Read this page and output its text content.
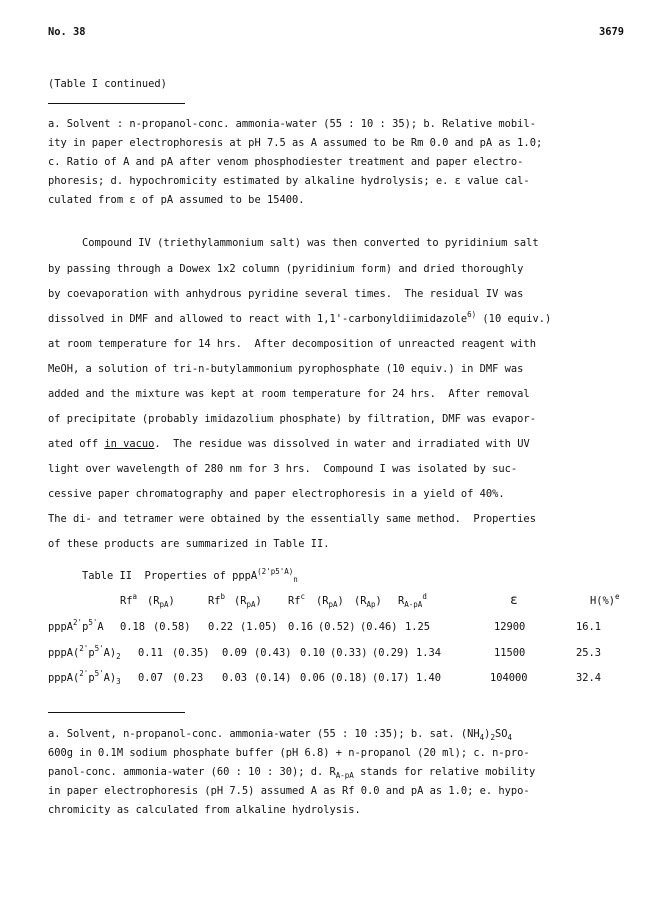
No. 38	3679
(Table I continued)
a. Solvent : n-propanol-conc. ammonia-water (55 : 10 : 35); b. Relative mobil-
ity in paper electrophoresis at pH 7.5 as A assumed to be Rm 0.0 and pA as 1.0;
c. Ratio of A and pA after venom phosphodiester treatment and paper electro-
phoresis; d. hypochromicity estimated by alkaline hydrolysis; e. ε value cal-
culated from ε of pA assumed to be 15400.
Compound IV (triethylammonium salt) was then converted to pyridinium salt
by passing through a Dowex 1x2 column (pyridinium form) and dried thoroughly
by coevaporation with anhydrous pyridine several times.  The residual IV was
dissolved in DMF and allowed to react with 1,1'-carbonyldiimidazole$^{6)}$ (10 equiv.)
at room temperature for 14 hrs.  After decomposition of unreacted reagent with
MeOH, a solution of tri-n-butylammonium pyrophosphate (10 equiv.) in DMF was
added and the mixture was kept at room temperature for 24 hrs.  After removal
of precipitate (probably imidazolium phosphate) by filtration, DMF was evapor-
ated off in vacuo.  The residue was dissolved in water and irradiated with UV
light over wavelength of 280 nm for 3 hrs.  Compound I was isolated by suc-
cessive paper chromatography and paper electrophoresis in a yield of 40%.
The di- and tetramer were obtained by the essentially same method.  Properties
of these products are summarized in Table II.
Table II  Properties of pppA$^{(2'p5'A)}_n$
Rf$^a$ $(R_{pA})$	Rf$^b$ $(R_{pA})$	Rf$^c$ $(R_{pA})$ $(R_{Ap})$ $R_{A-pA}^d$	ε	H(%)$^e$
$pppA^{2'}p^{5'}A$ 0.18 (0.58) 0.22 (1.05) 0.16 (0.52) (0.46) 1.25	12900	16.1
$pppA(^{2'}p^{5'}A)_2$ 0.11 (0.35) 0.09 (0.43) 0.10 (0.33) (0.29) 1.34	11500	25.3
$pppA(^{2'}p^{5'}A)_3$ 0.07 (0.23 0.03 (0.14) 0.06 (0.18) (0.17) 1.40	104000	32.4
a. Solvent, n-propanol-conc. ammonia-water (55 : 10 :35); b. sat. $(NH_4)_2SO_4$
600g in 0.1M sodium phosphate buffer (pH 6.8) + n-propanol (20 ml); c. n-pro-
panol-conc. ammonia-water (60 : 10 : 30); d. $R_{A-pA}$ stands for relative mobility
in paper electrophoresis (pH 7.5) assumed A as Rf 0.0 and pA as 1.0; e. hypo-
chromicity as calculated from alkaline hydrolysis.
